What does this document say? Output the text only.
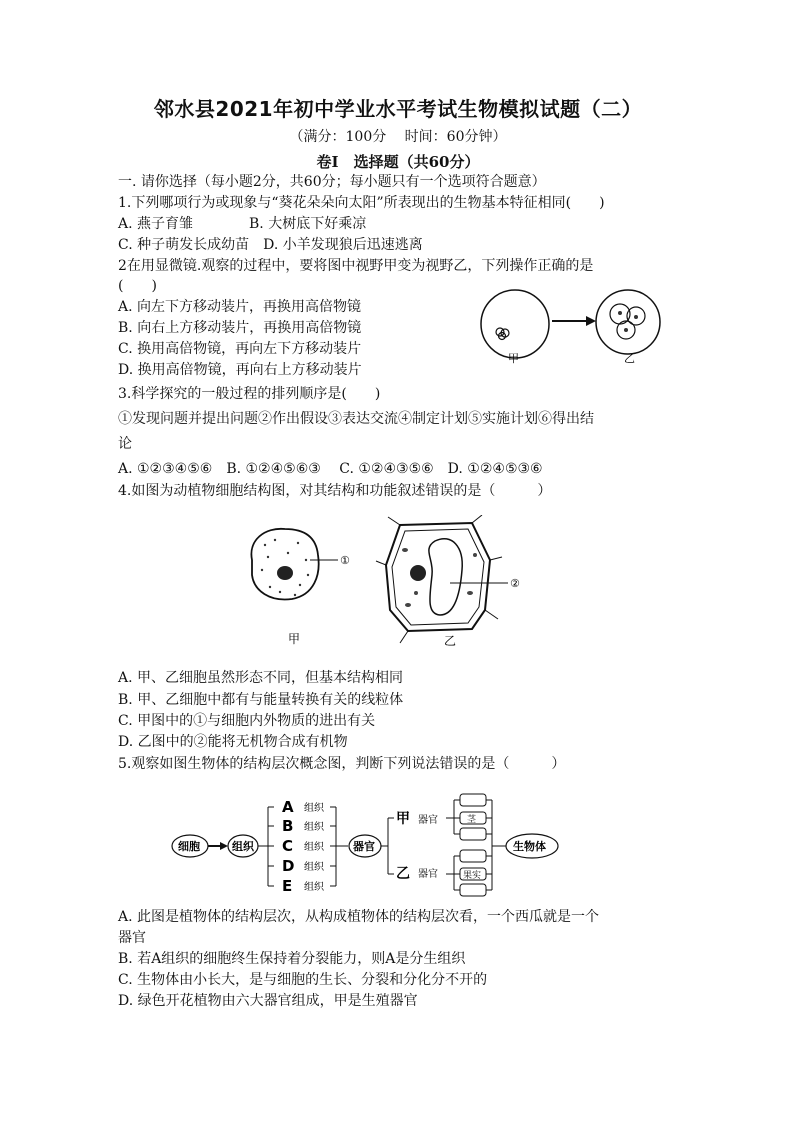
邻水县2021年初中学业水平考试生物模拟试题（二）
（满分：100分　 时间：60分钟）
卷Ⅰ　选择题（共60分）
一. 请你选择（每小题2分，共60分；每小题只有一个选项符合题意）
1.下列哪项行为或现象与“葵花朵朵向太阳”所表现出的生物基本特征相同(　　)
A. 燕子育雏　　　　B. 大树底下好乘凉
C. 种子萌发长成幼苗　D. 小羊发现狼后迅速逃离
2在用显微镜.观察的过程中，要将图中视野甲变为视野乙，下列操作正确的是
(　　)
A. 向左下方移动装片，再换用高倍物镜
B. 向右上方移动装片，再换用高倍物镜
C. 换用高倍物镜，再向左下方移动装片
D. 换用高倍物镜，再向右上方移动装片
甲	乙
3.科学探究的一般过程的排列顺序是(　　)
①发现问题并提出问题②作出假设③表达交流④制定计划⑤实施计划⑥得出结
论
A. ①②③④⑤⑥　B. ①②④⑤⑥③　 C. ①②④③⑤⑥　D. ①②④⑤③⑥
4.如图为动植物细胞结构图，对其结构和功能叙述错误的是（　　　）
①
②
甲	乙
A. 甲、乙细胞虽然形态不同，但基本结构相同
B. 甲、乙细胞中都有与能量转换有关的线粒体
C. 甲图中的①与细胞内外物质的进出有关
D. 乙图中的②能将无机物合成有机物
5.观察如图生物体的结构层次概念图，判断下列说法错误的是（　　　）
细胞	组织
A 组织
B 组织
C 组织
D 组织
E 组织
器官
甲 器官
乙 器官
茎
果实
生物体
A. 此图是植物体的结构层次，从构成植物体的结构层次看，一个西瓜就是一个
器官
B. 若A组织的细胞终生保持着分裂能力，则A是分生组织
C. 生物体由小长大，是与细胞的生长、分裂和分化分不开的
D. 绿色开花植物由六大器官组成，甲是生殖器官
